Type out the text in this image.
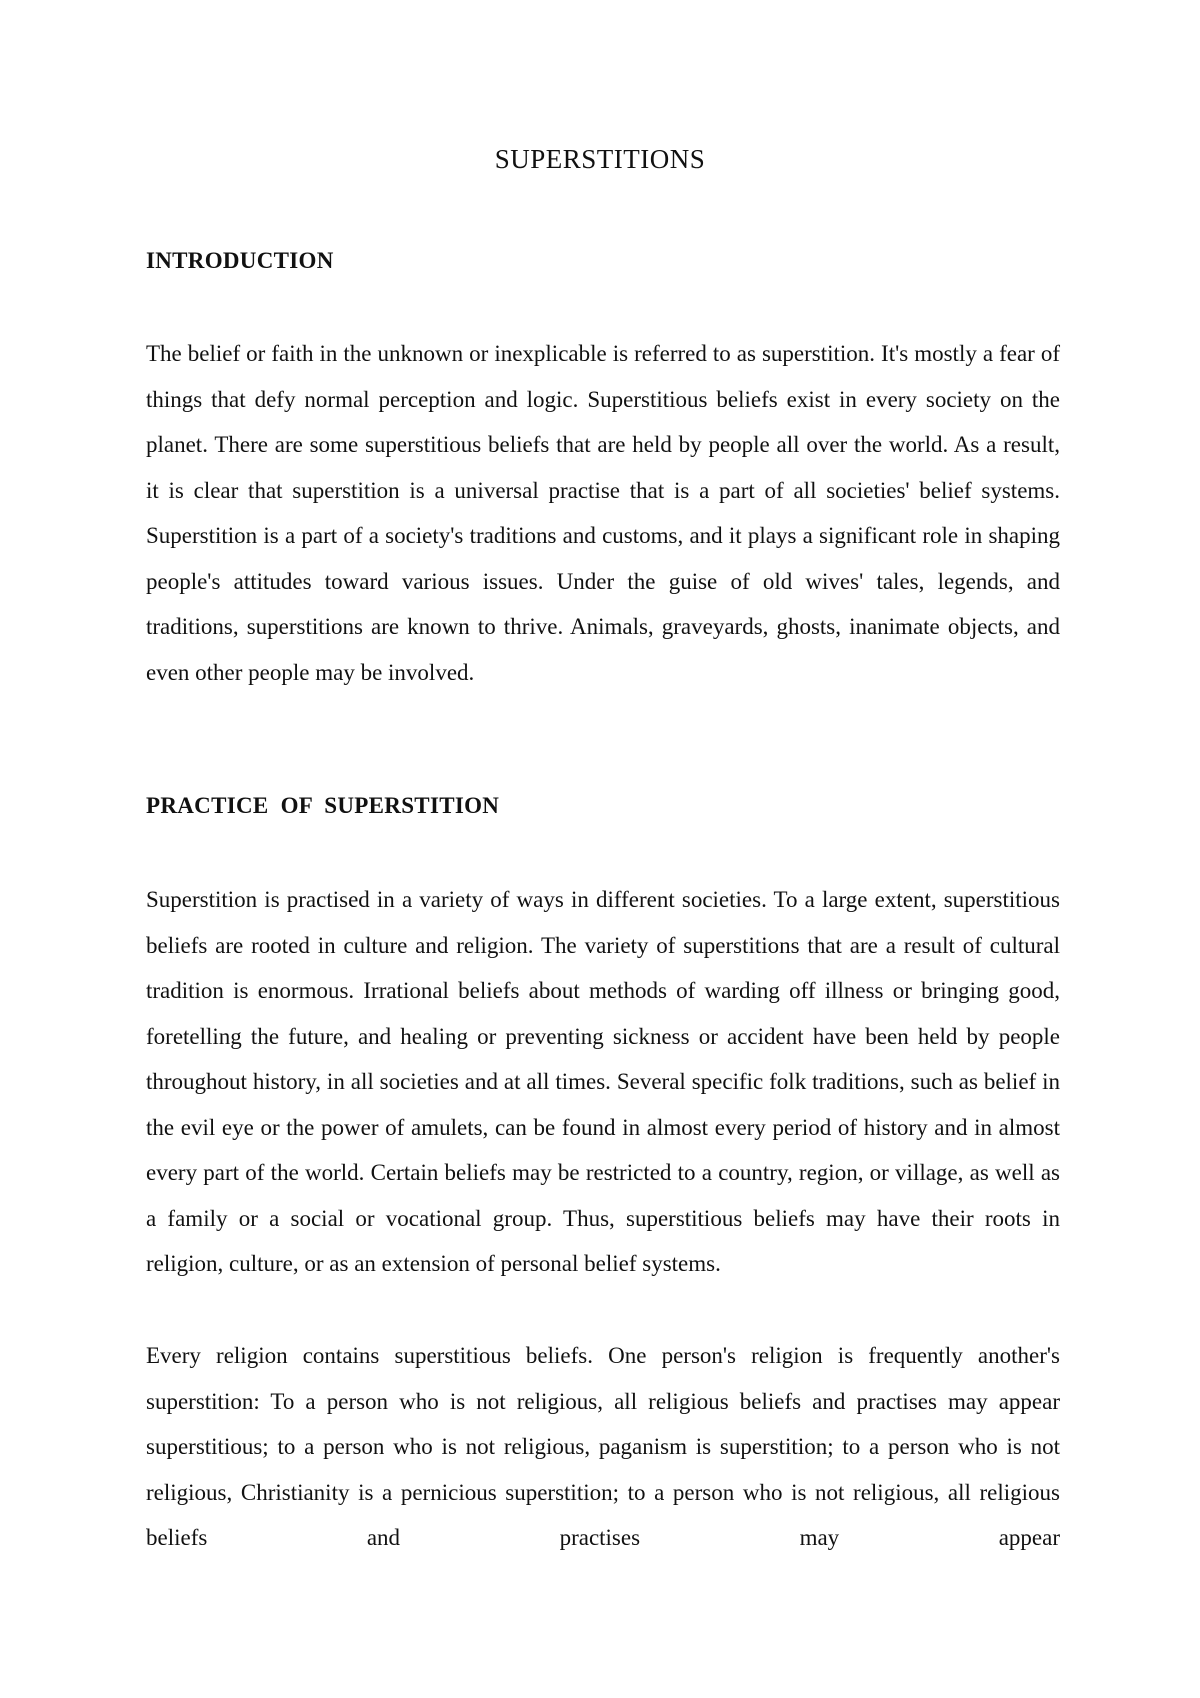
SUPERSTITIONS
INTRODUCTION

The belief or faith in the unknown or inexplicable is referred to as superstition. It's mostly a fear of things that defy normal perception and logic. Superstitious beliefs exist in every society on the planet. There are some superstitious beliefs that are held by people all over the world. As a result, it is clear that superstition is a universal practise that is a part of all societies' belief systems. Superstition is a part of a society's traditions and customs, and it plays a significant role in shaping people's attitudes toward various issues. Under the guise of old wives' tales, legends, and traditions, superstitions are known to thrive. Animals, graveyards, ghosts, inanimate objects, and even other people may be involved.

PRACTICE OF SUPERSTITION

Superstition is practised in a variety of ways in different societies. To a large extent, superstitious beliefs are rooted in culture and religion. The variety of superstitions that are a result of cultural tradition is enormous. Irrational beliefs about methods of warding off illness or bringing good, foretelling the future, and healing or preventing sickness or accident have been held by people throughout history, in all societies and at all times. Several specific folk traditions, such as belief in the evil eye or the power of amulets, can be found in almost every period of history and in almost every part of the world. Certain beliefs may be restricted to a country, region, or village, as well as a family or a social or vocational group. Thus, superstitious beliefs may have their roots in religion, culture, or as an extension of personal belief systems.

Every religion contains superstitious beliefs. One person's religion is frequently another's superstition: To a person who is not religious, all religious beliefs and practises may appear superstitious; to a person who is not religious, paganism is superstition; to a person who is not religious, Christianity is a pernicious superstition; to a person who is not religious, all religious beliefs and practises may appear
